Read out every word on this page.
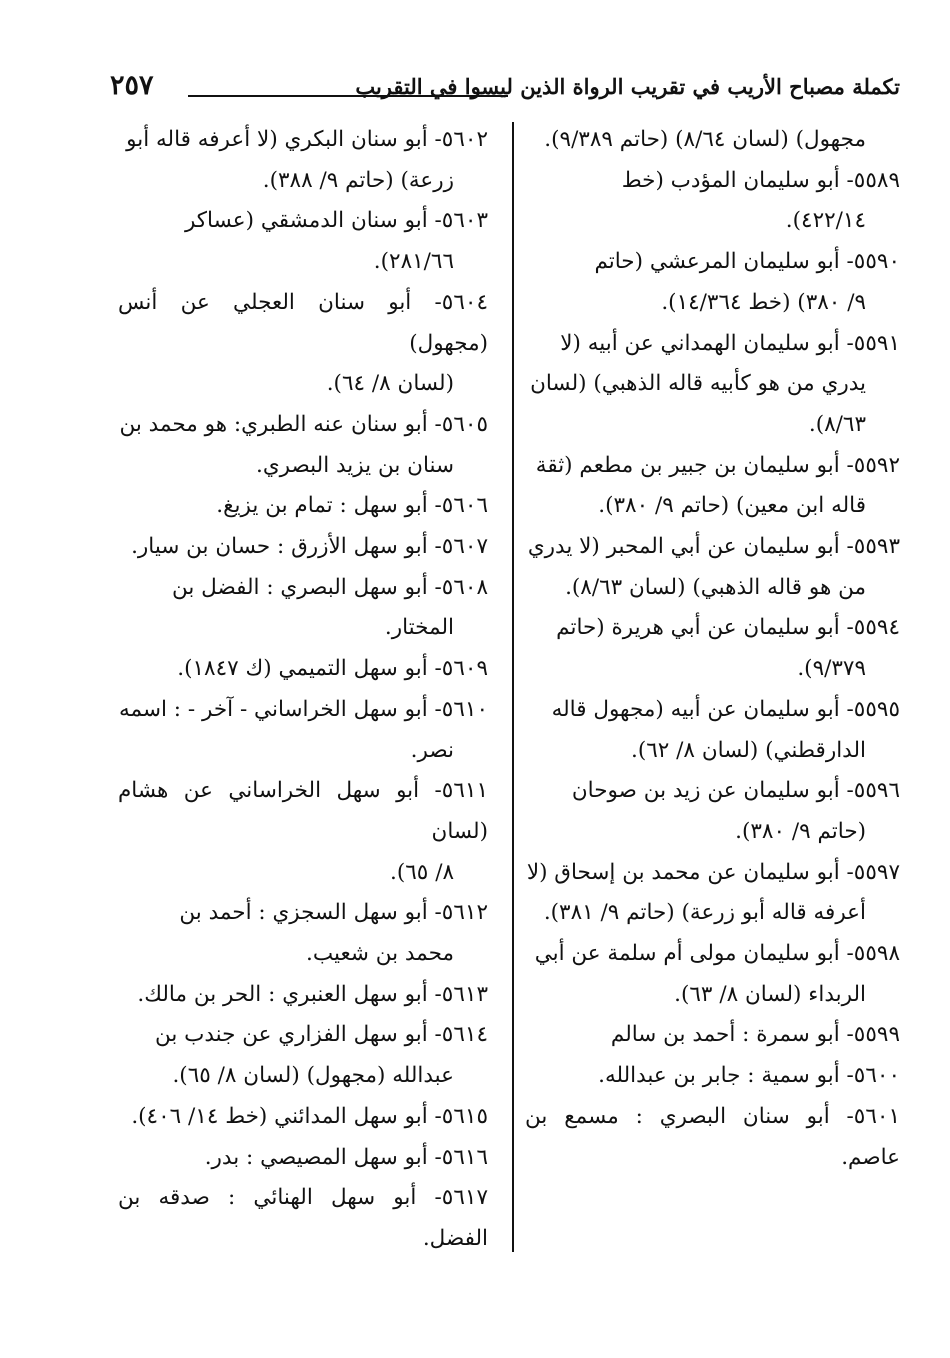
تكملة مصباح الأريب في تقريب الرواة الذين ليسوا في التقريب
٢٥٧

مجهول) (لسان ٨/٦٤) (حاتم ٩/٣٨٩).

٥٥٨٩- أبو سليمان المؤدب (خط

٤٢٢/١٤).

٥٥٩٠- أبو سليمان المرعشي (حاتم

٩/ ٣٨٠) (خط ١٤/٣٦٤).

٥٥٩١- أبو سليمان الهمداني عن أبيه (لا

يدري من هو كأبيه قاله الذهبي) (لسان

٨/٦٣).

٥٥٩٢- أبو سليمان بن جبير بن مطعم (ثقة

قاله ابن معين) (حاتم ٩/ ٣٨٠).

٥٥٩٣- أبو سليمان عن أبي المحبر (لا يدري

من هو قاله الذهبي) (لسان ٨/٦٣).

٥٥٩٤- أبو سليمان عن أبي هريرة (حاتم

٩/٣٧٩).

٥٥٩٥- أبو سليمان عن أبيه (مجهول قاله

الدارقطني) (لسان ٨/ ٦٢).

٥٥٩٦- أبو سليمان عن زيد بن صوحان

(حاتم ٩/ ٣٨٠).

٥٥٩٧- أبو سليمان عن محمد بن إسحاق (لا

أعرفه قاله أبو زرعة) (حاتم ٩/ ٣٨١).

٥٥٩٨- أبو سليمان مولى أم سلمة عن أبي

الربداء (لسان ٨/ ٦٣).

٥٥٩٩- أبو سمرة : أحمد بن سالم

٥٦٠٠- أبو سمية : جابر بن عبدالله.

٥٦٠١- أبو سنان البصري : مسمع بن عاصم.

٥٦٠٢- أبو سنان البكري (لا أعرفه قاله أبو

زرعة) (حاتم ٩/ ٣٨٨).

٥٦٠٣- أبو سنان الدمشقي (عساكر

٢٨١/٦٦).

٥٦٠٤- أبو سنان العجلي عن أنس (مجهول)

(لسان ٨/ ٦٤).

٥٦٠٥- أبو سنان عنه الطبري: هو محمد بن

سنان بن يزيد البصري.

٥٦٠٦- أبو سهل : تمام بن يزيغ.

٥٦٠٧- أبو سهل الأزرق : حسان بن سيار.

٥٦٠٨- أبو سهل البصري : الفضل بن

المختار.

٥٦٠٩- أبو سهل التميمي (ك ١٨٤٧).

٥٦١٠- أبو سهل الخراساني - آخر - : اسمه

نصر.

٥٦١١- أبو سهل الخراساني عن هشام (لسان

٨/ ٦٥).

٥٦١٢- أبو سهل السجزي : أحمد بن

محمد بن شعيب.

٥٦١٣- أبو سهل العنبري : الحر بن مالك.

٥٦١٤- أبو سهل الفزاري عن جندب بن

عبدالله (مجهول) (لسان ٨/ ٦٥).

٥٦١٥- أبو سهل المدائني (خط ١٤/ ٤٠٦).

٥٦١٦- أبو سهل المصيصي : بدر.

٥٦١٧- أبو سهل الهنائي : صدقه بن الفضل.
